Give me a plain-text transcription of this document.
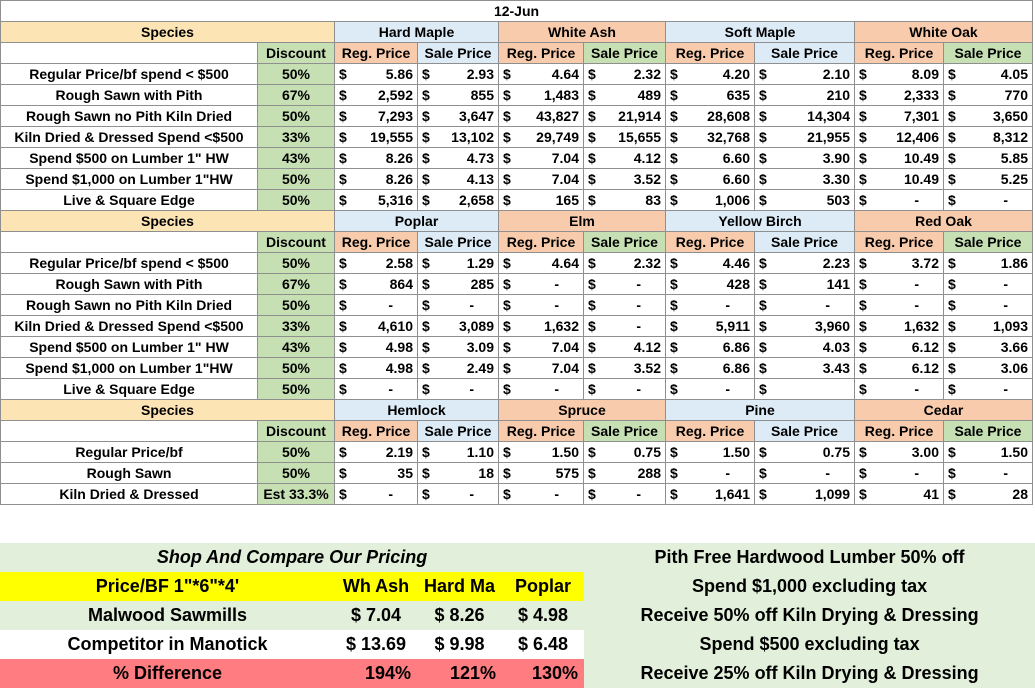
12-Jun									
Species		Hard Maple		White Ash		Soft Maple		White Oak	
	Discount	Reg. Price	Sale Price	Reg. Price	Sale Price	Reg. Price	Sale Price	Reg. Price	Sale Price
Regular Price/bf spend < $500	50%	$ 5.86	$ 2.93	$ 4.64	$ 2.32	$ 4.20	$ 2.10	$ 8.09	$ 4.05

Rough Sawn with Pith	67%	$ 2,592	$ 855	$ 1,483	$ 489	$ 635	$ 210	$ 2,333	$ 770

Rough Sawn no Pith Kiln Dried	50%	$ 7,293	$ 3,647	$ 43,827	$ 21,914	$ 28,608	$ 14,304	$ 7,301	$ 3,650

Kiln Dried & Dressed Spend <$500	33%	$ 19,555	$ 13,102	$ 29,749	$ 15,655	$ 32,768	$ 21,955	$ 12,406	$ 8,312

Spend $500 on Lumber 1" HW	43%	$ 8.26	$ 4.73	$ 7.04	$ 4.12	$ 6.60	$ 3.90	$ 10.49	$ 5.85

Spend $1,000 on Lumber 1"HW	50%	$ 8.26	$ 4.13	$ 7.04	$ 3.52	$ 6.60	$ 3.30	$ 10.49	$ 5.25

Live & Square Edge	50%	$ 5,316	$ 2,658	$ 165	$ 83	$ 1,006	$ 503	$ -	$ -

Species		Poplar		Elm		Yellow Birch		Red Oak	
	Discount	Reg. Price	Sale Price	Reg. Price	Sale Price	Reg. Price	Sale Price	Reg. Price	Sale Price
Regular Price/bf spend < $500	50%	$ 2.58	$ 1.29	$ 4.64	$ 2.32	$ 4.46	$ 2.23	$ 3.72	$ 1.86

Rough Sawn with Pith	67%	$ 864	$ 285	$ -	$ -	$ 428	$ 141	$ -	$ -

Rough Sawn no Pith Kiln Dried	50%	$ -	$ -	$ -	$ -	$ -	$ -	$ -	$ -

Kiln Dried & Dressed Spend <$500	33%	$ 4,610	$ 3,089	$ 1,632	$ -	$ 5,911	$ 3,960	$ 1,632	$ 1,093

Spend $500 on Lumber 1" HW	43%	$ 4.98	$ 3.09	$ 7.04	$ 4.12	$ 6.86	$ 4.03	$ 6.12	$ 3.66

Spend $1,000 on Lumber 1"HW	50%	$ 4.98	$ 2.49	$ 7.04	$ 3.52	$ 6.86	$ 3.43	$ 6.12	$ 3.06

Live & Square Edge	50%	$ -	$ -	$ -	$ -	$ -	$	$ -	$ -

Species		Hemlock		Spruce		Pine		Cedar	
	Discount	Reg. Price	Sale Price	Reg. Price	Sale Price	Reg. Price	Sale Price	Reg. Price	Sale Price
Regular Price/bf	50%	$ 2.19	$ 1.10	$ 1.50	$ 0.75	$ 1.50	$ 0.75	$ 3.00	$ 1.50

Rough Sawn	50%	$ 35	$ 18	$ 575	$ 288	$ -	$ -	$ -	$ -

Kiln Dried & Dressed	Est 33.3%	$ -	$ -	$ -	$ -	$ 1,641	$ 1,099	$ 41	$ 28
Shop And Compare Our Pricing				Pith Free Hardwood Lumber 50% off
Price/BF 1"*6"*4'	Wh Ash	Hard Ma	Poplar	Spend $1,000 excluding tax
Malwood Sawmills	$ 7.04	$ 8.26	$ 4.98	Receive 50% off Kiln Drying & Dressing
Competitor in Manotick	$ 13.69	$ 9.98	$ 6.48	Spend $500 excluding tax
% Difference	194%	121%	130%	Receive 25% off Kiln Drying & Dressing
